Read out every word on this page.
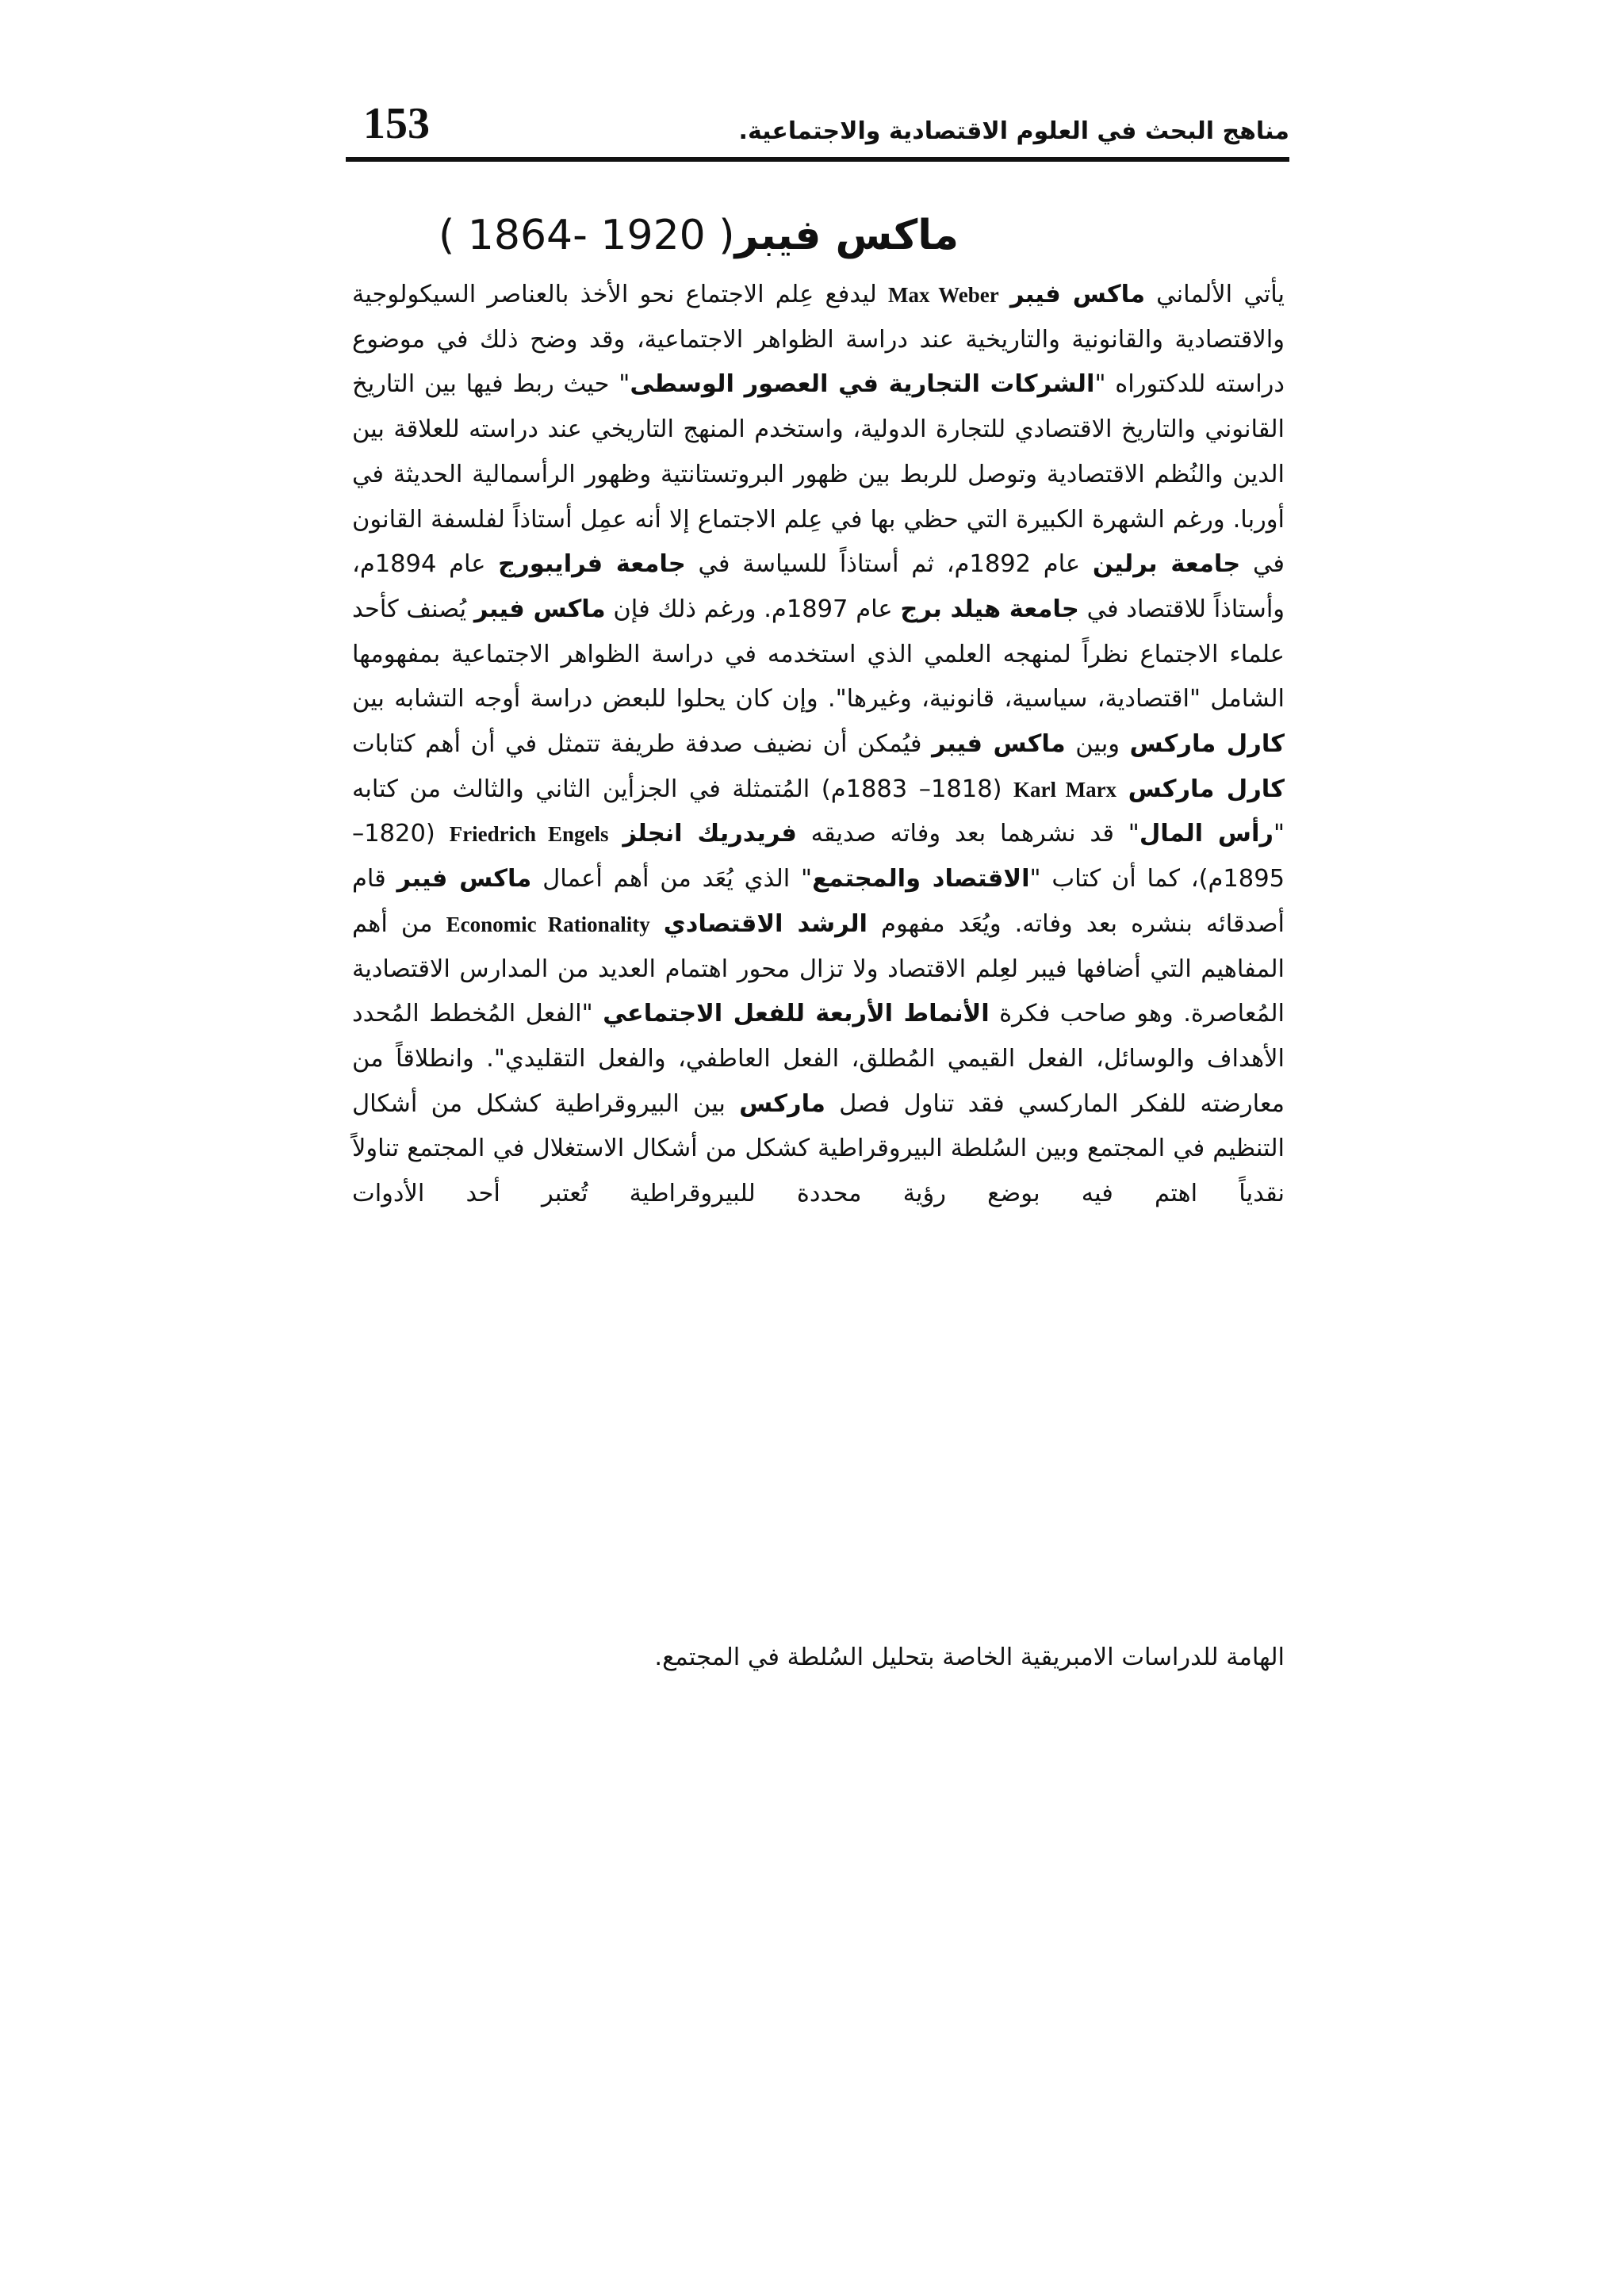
مناهج البحث في العلوم الاقتصادية والاجتماعية.
153
ماكس فيبر( 1864- 1920 )

يأتي الألماني ماكس فيبر Max Weber ليدفع عِلم الاجتماع نحو الأخذ بالعناصر السيكولوجية والاقتصادية والقانونية والتاريخية عند دراسة الظواهر الاجتماعية، وقد وضح ذلك في موضوع دراسته للدكتوراه "الشركات التجارية في العصور الوسطى" حيث ربط فيها بين التاريخ القانوني والتاريخ الاقتصادي للتجارة الدولية، واستخدم المنهج التاريخي عند دراسته للعلاقة بين الدين والنُظم الاقتصادية وتوصل للربط بين ظهور البروتستانتية وظهور الرأسمالية الحديثة في أوربا. ورغم الشهرة الكبيرة التي حظي بها في عِلم الاجتماع إلا أنه عمِل أستاذاً لفلسفة القانون في جامعة برلين عام 1892م، ثم أستاذاً للسياسة في جامعة فرايبورج عام 1894م، وأستاذاً للاقتصاد في جامعة هيلد برج عام 1897م. ورغم ذلك فإن ماكس فيبر يُصنف كأحد علماء الاجتماع نظراً لمنهجه العلمي الذي استخدمه في دراسة الظواهر الاجتماعية بمفهومها الشامل "اقتصادية، سياسية، قانونية، وغيرها". وإن كان يحلوا للبعض دراسة أوجه التشابه بين كارل ماركس وبين ماكس فيبر فيُمكن أن نضيف صدفة طريفة تتمثل في أن أهم كتابات كارل ماركس Karl Marx (1818– 1883م) المُتمثلة في الجزأين الثاني والثالث من كتابه "رأس المال" قد نشرهما بعد وفاته صديقه فريدريك انجلز Friedrich Engels (1820– 1895م)، كما أن كتاب "الاقتصاد والمجتمع" الذي يُعَد من أهم أعمال ماكس فيبر قام أصدقائه بنشره بعد وفاته. ويُعَد مفهوم الرشد الاقتصادي Economic Rationality من أهم المفاهيم التي أضافها فيبر لعِلم الاقتصاد ولا تزال محور اهتمام العديد من المدارس الاقتصادية المُعاصرة. وهو صاحب فكرة الأنماط الأربعة للفعل الاجتماعي "الفعل المُخطط المُحدد الأهداف والوسائل، الفعل القيمي المُطلق، الفعل العاطفي، والفعل التقليدي". وانطلاقاً من معارضته للفكر الماركسي فقد تناول فصل ماركس بين البيروقراطية كشكل من أشكال التنظيم في المجتمع وبين السُلطة البيروقراطية كشكل من أشكال الاستغلال في المجتمع تناولاً نقدياً اهتم فيه بوضع رؤية محددة للبيروقراطية تُعتبر أحد الأدوات

الهامة للدراسات الامبريقية الخاصة بتحليل السُلطة في المجتمع.
